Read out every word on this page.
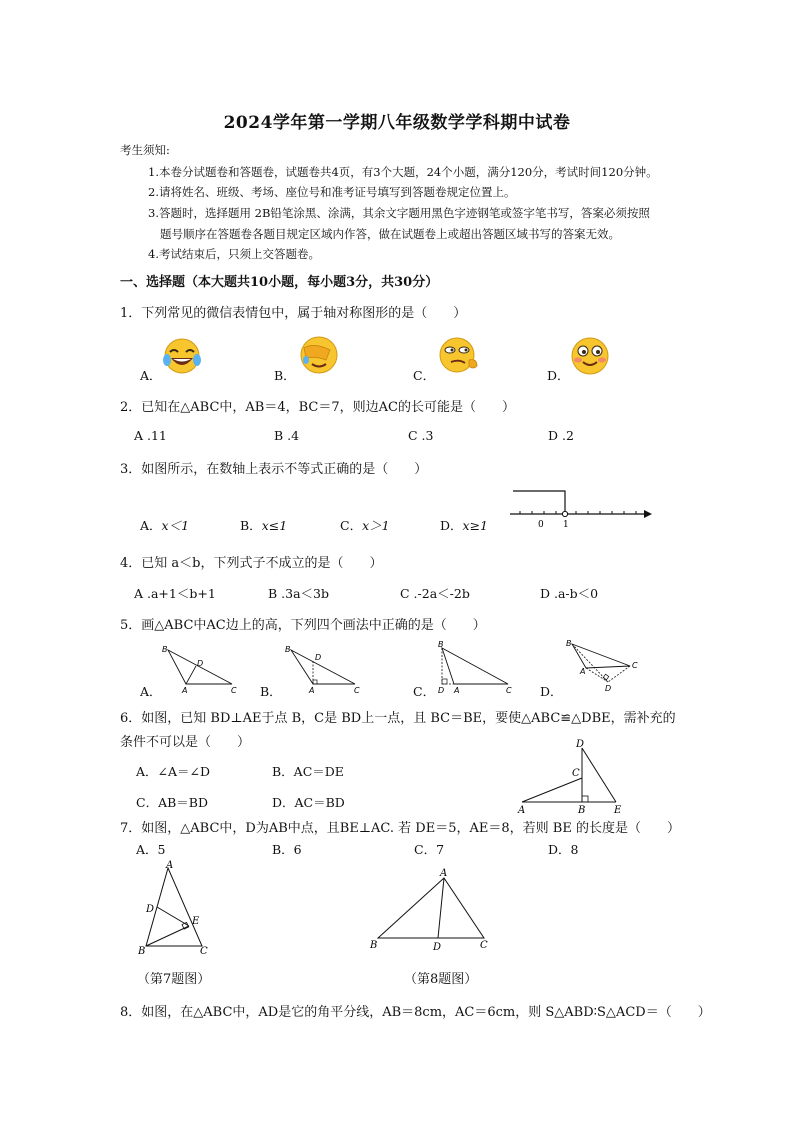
2024学年第一学期八年级数学学科期中试卷
考生须知:
1.本卷分试题卷和答题卷，试题卷共4页，有3个大题，24个小题，满分120分，考试时间120分钟。
2.请将姓名、班级、考场、座位号和准考证号填写到答题卷规定位置上。
3.答题时，选择题用 2B铅笔涂黑、涂满，其余文字题用黑色字迹钢笔或签字笔书写，答案必须按照
题号顺序在答题卷各题目规定区域内作答，做在试题卷上或超出答题区域书写的答案无效。
4.考试结束后，只须上交答题卷。
一、选择题（本大题共10小题，每小题3分，共30分）
1．下列常见的微信表情包中，属于轴对称图形的是（　　）
A．	B．	C．	D．
2．已知在△ABC中，AB＝4，BC＝7，则边AC的长可能是（　　）
A .11	B .4	C .3	D .2
3．如图所示，在数轴上表示不等式正确的是（　　）
A．x＜1	B．x≤1	C．x＞1	D．x≥1	0 1
4．已知 a＜b，下列式子不成立的是（　　）
A .a+1＜b+1	B .3a＜3b	C .-2a＜-2b	D .a-b＜0
5．画△ABC中AC边上的高，下列四个画法中正确的是（　　）
A．	B．	C．	D．
B
D
A	C
B
D
A	C
B
D A	C
B
C
A
D
6．如图，已知 BD⊥AE于点 B，C是 BD上一点，且 BC＝BE，要使△ABC≌△DBE，需补充的
条件不可以是（　　）
A．∠A＝∠D	B．AC＝DE
C．AB＝BD	D．AC＝BD
D
C
A	B	E
7．如图，△ABC中，D为AB中点，且BE⊥AC. 若 DE＝5，AE＝8，若则 BE 的长度是（　　）
A．5	B．6	C．7	D．8
A
D
E
B	C
（第7题图）
A
B	D	C
（第8题图）
8．如图，在△ABC中，AD是它的角平分线，AB＝8cm，AC＝6cm，则 S△ABD∶S△ACD＝（　　）
